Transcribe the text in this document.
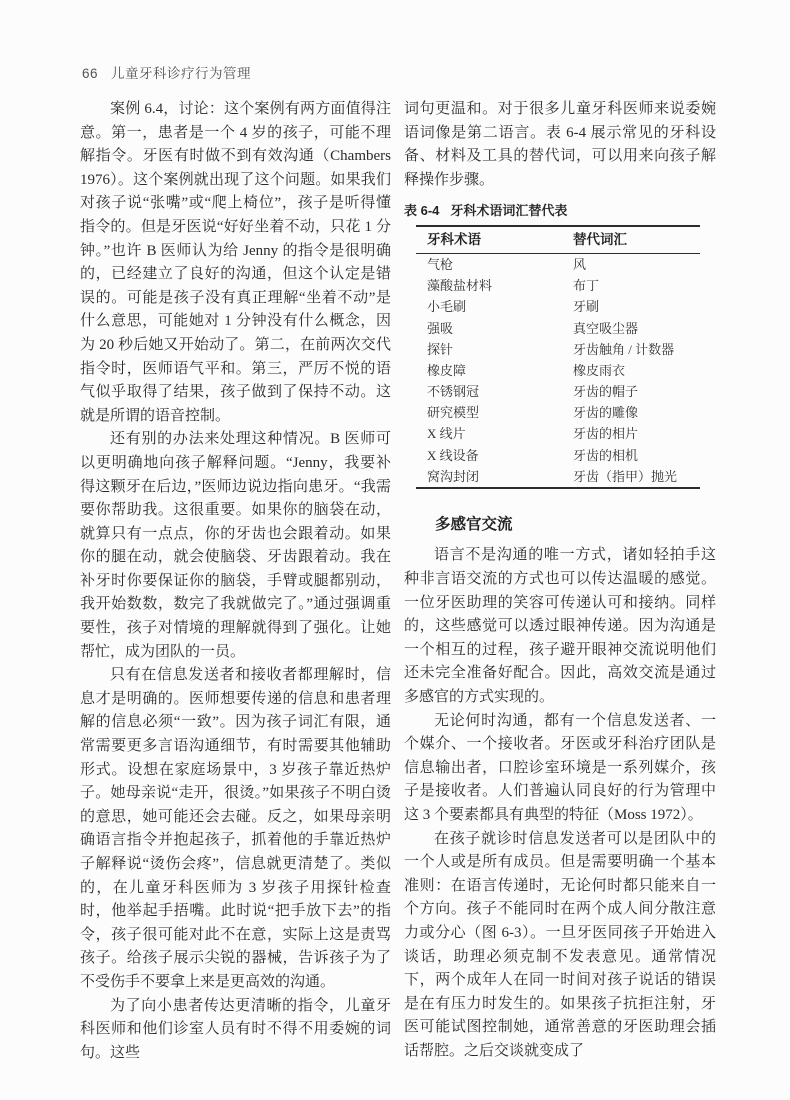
66 儿童牙科诊疗行为管理

案例 6.4，讨论：这个案例有两方面值得注意。第一，患者是一个 4 岁的孩子，可能不理解指令。牙医有时做不到有效沟通（Chambers 1976）。这个案例就出现了这个问题。如果我们对孩子说“张嘴”或“爬上椅位”，孩子是听得懂指令的。但是牙医说“好好坐着不动，只花 1 分钟。”也许 B 医师认为给 Jenny 的指令是很明确的，已经建立了良好的沟通，但这个认定是错误的。可能是孩子没有真正理解“坐着不动”是什么意思，可能她对 1 分钟没有什么概念，因为 20 秒后她又开始动了。第二，在前两次交代指令时，医师语气平和。第三，严厉不悦的语气似乎取得了结果，孩子做到了保持不动。这就是所谓的语音控制。

还有别的办法来处理这种情况。B 医师可以更明确地向孩子解释问题。“Jenny，我要补得这颗牙在后边，”医师边说边指向患牙。“我需要你帮助我。这很重要。如果你的脑袋在动，就算只有一点点，你的牙齿也会跟着动。如果你的腿在动，就会使脑袋、牙齿跟着动。我在补牙时你要保证你的脑袋，手臂或腿都别动，我开始数数，数完了我就做完了。”通过强调重要性，孩子对情境的理解就得到了强化。让她帮忙，成为团队的一员。

只有在信息发送者和接收者都理解时，信息才是明确的。医师想要传递的信息和患者理解的信息必须“一致”。因为孩子词汇有限，通常需要更多言语沟通细节，有时需要其他辅助形式。设想在家庭场景中，3 岁孩子靠近热炉子。她母亲说“走开，很烫。”如果孩子不明白烫的意思，她可能还会去碰。反之，如果母亲明确语言指令并抱起孩子，抓着他的手靠近热炉子解释说“烫伤会疼”，信息就更清楚了。类似的，在儿童牙科医师为 3 岁孩子用探针检查时，他举起手捂嘴。此时说“把手放下去”的指令，孩子很可能对此不在意，实际上这是责骂孩子。给孩子展示尖锐的器械，告诉孩子为了不受伤手不要拿上来是更高效的沟通。

为了向小患者传达更清晰的指令，儿童牙科医师和他们诊室人员有时不得不用委婉的词句。这些

词句更温和。对于很多儿童牙科医师来说委婉语词像是第二语言。表 6-4 展示常见的牙科设备、材料及工具的替代词，可以用来向孩子解释操作步骤。

表 6-4 牙科术语词汇替代表
牙科术语	替代词汇
气枪	风
藻酸盐材料	布丁
小毛刷	牙刷
强吸	真空吸尘器
探针	牙齿触角 / 计数器
橡皮障	橡皮雨衣
不锈钢冠	牙齿的帽子
研究模型	牙齿的雕像
X 线片	牙齿的相片
X 线设备	牙齿的相机
窝沟封闭	牙齿（指甲）抛光
多感官交流

语言不是沟通的唯一方式，诸如轻拍手这种非言语交流的方式也可以传达温暖的感觉。一位牙医助理的笑容可传递认可和接纳。同样的，这些感觉可以透过眼神传递。因为沟通是一个相互的过程，孩子避开眼神交流说明他们还未完全准备好配合。因此，高效交流是通过多感官的方式实现的。

无论何时沟通，都有一个信息发送者、一个媒介、一个接收者。牙医或牙科治疗团队是信息输出者，口腔诊室环境是一系列媒介，孩子是接收者。人们普遍认同良好的行为管理中这 3 个要素都具有典型的特征（Moss 1972）。

在孩子就诊时信息发送者可以是团队中的一个人或是所有成员。但是需要明确一个基本准则：在语言传递时，无论何时都只能来自一个方向。孩子不能同时在两个成人间分散注意力或分心（图 6-3）。一旦牙医同孩子开始进入谈话，助理必须克制不发表意见。通常情况下，两个成年人在同一时间对孩子说话的错误是在有压力时发生的。如果孩子抗拒注射，牙医可能试图控制她，通常善意的牙医助理会插话帮腔。之后交谈就变成了
